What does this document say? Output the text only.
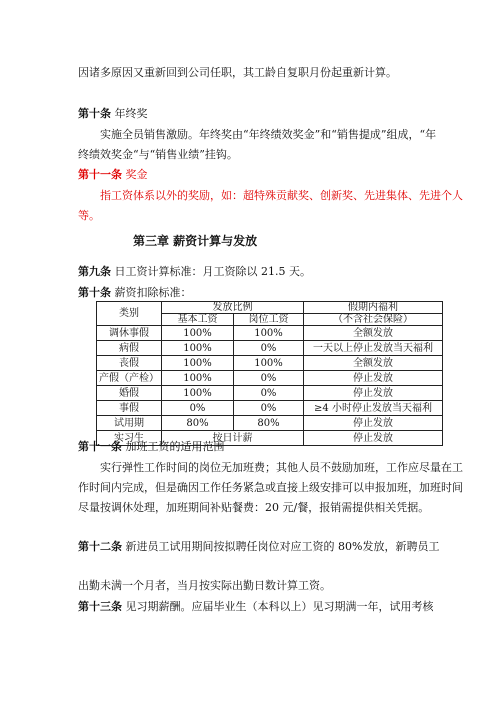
因诸多原因又重新回到公司任职，其工龄自复职月份起重新计算。
第十条 年终奖
实施全员销售激励。年终奖由“年终绩效奖金”和“销售提成”组成，“年
终绩效奖金“与“销售业绩”挂钩。
第十一条 奖金
指工资体系以外的奖励，如：超特殊贡献奖、创新奖、先进集体、先进个人
等。
第三章 薪资计算与发放
第九条 日工资计算标准：月工资除以 21.5 天。
第十条 薪资扣除标准：
类别	发放比例		假期内福利
	基本工资	岗位工资	（不含社会保险）
调休事假	100%	100%	全额发放
病假	100%	0%	一天以上停止发放当天福利
丧假	100%	100%	全额发放
产假（产检）	100%	0%	停止发放
婚假	100%	0%	停止发放
事假	0%	0%	≥4 小时停止发放当天福利
试用期	80%	80%	停止发放
实习生	按日计薪		停止发放
第十一条 加班工资的适用范围
实行弹性工作时间的岗位无加班费；其他人员不鼓励加班，工作应尽量在工
作时间内完成，但是确因工作任务紧急或直接上级安排可以申报加班，加班时间
尽量按调休处理，加班期间补贴餐费：20 元/餐，报销需提供相关凭据。
第十二条 新进员工试用期间按拟聘任岗位对应工资的 80%发放，新聘员工
出勤未满一个月者，当月按实际出勤日数计算工资。
第十三条 见习期薪酬。应届毕业生（本科以上）见习期满一年，试用考核
